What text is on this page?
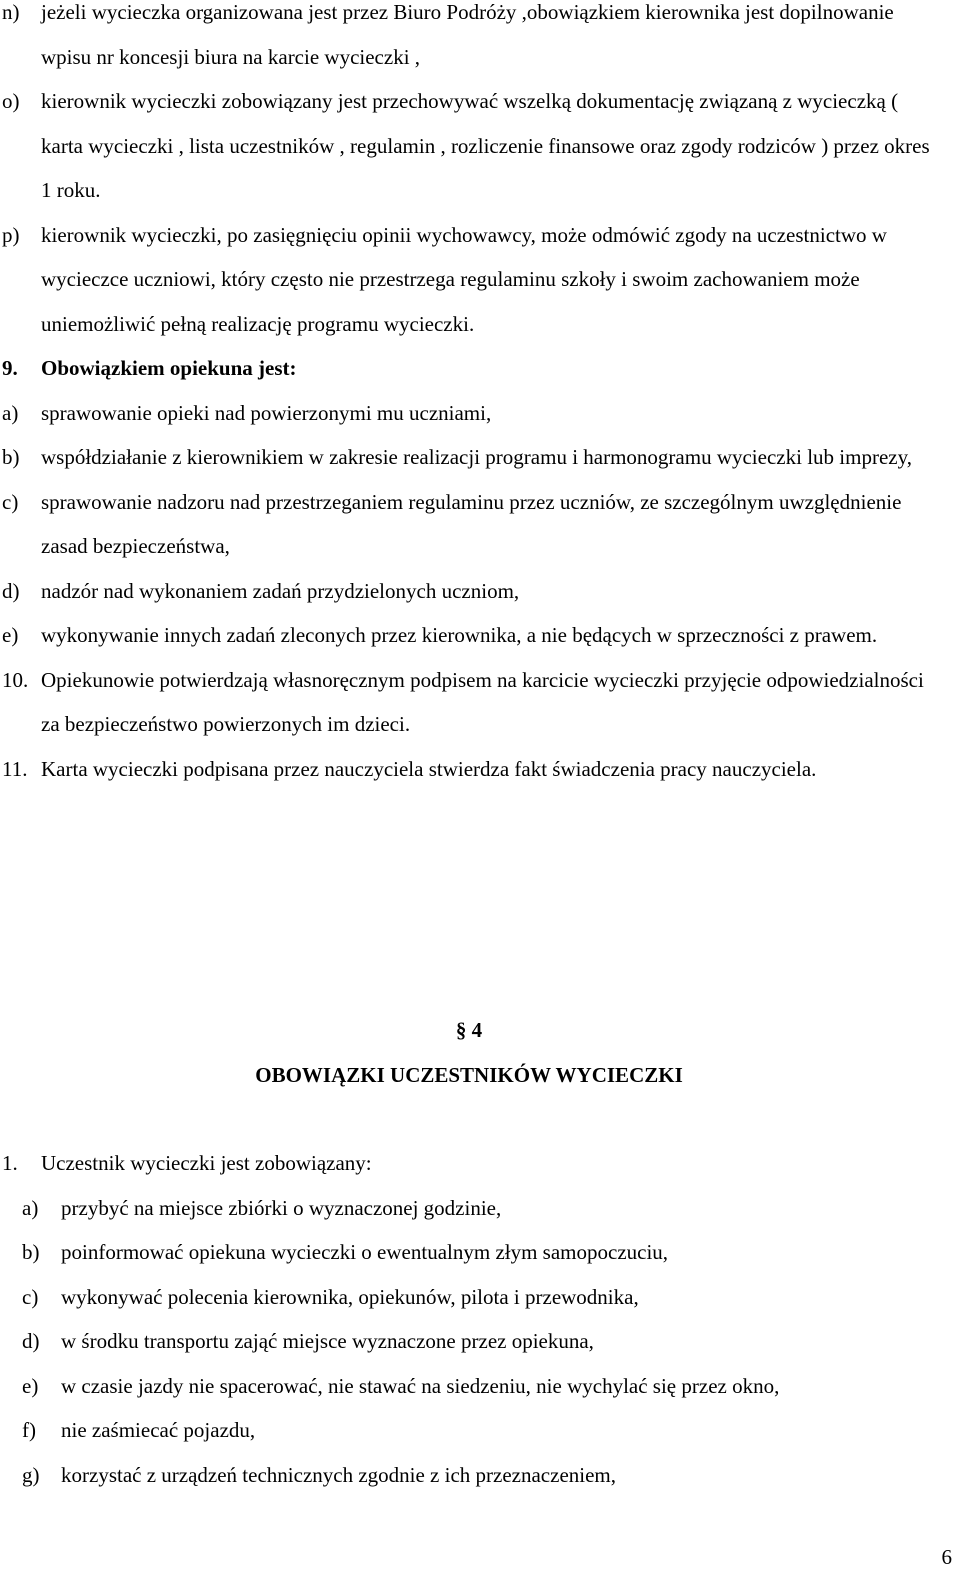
n) jeżeli wycieczka organizowana jest przez Biuro Podróży ,obowiązkiem kierownika jest dopilnowanie wpisu nr koncesji biura na karcie wycieczki ,
o) kierownik wycieczki zobowiązany jest przechowywać wszelką dokumentację związaną z wycieczką ( karta wycieczki , lista uczestników , regulamin , rozliczenie finansowe oraz zgody rodziców ) przez okres 1 roku.
p) kierownik wycieczki, po zasięgnięciu opinii wychowawcy, może odmówić zgody na uczestnictwo w wycieczce uczniowi, który często nie przestrzega regulaminu szkoły i swoim zachowaniem może uniemożliwić pełną realizację programu wycieczki.
9. Obowiązkiem opiekuna jest:
a) sprawowanie opieki nad powierzonymi mu uczniami,
b) współdziałanie z kierownikiem w zakresie realizacji programu i harmonogramu wycieczki lub imprezy,
c) sprawowanie nadzoru nad przestrzeganiem regulaminu przez uczniów, ze szczególnym uwzględnienie zasad bezpieczeństwa,
d) nadzór nad wykonaniem zadań przydzielonych uczniom,
e) wykonywanie innych zadań zleconych przez kierownika, a nie będących w sprzeczności z prawem.
10. Opiekunowie potwierdzają własnoręcznym podpisem na karcicie wycieczki przyjęcie odpowiedzialności za bezpieczeństwo powierzonych im dzieci.
11. Karta wycieczki podpisana przez nauczyciela stwierdza fakt świadczenia pracy nauczyciela.
§ 4
OBOWIĄZKI UCZESTNIKÓW WYCIECZKI
1. Uczestnik wycieczki jest zobowiązany:
a) przybyć na miejsce zbiórki o wyznaczonej godzinie,
b) poinformować opiekuna wycieczki o ewentualnym złym samopoczuciu,
c) wykonywać polecenia kierownika, opiekunów, pilota i przewodnika,
d) w środku transportu zająć miejsce wyznaczone przez opiekuna,
e) w czasie jazdy nie spacerować, nie stawać na siedzeniu, nie wychylać się przez okno,
f) nie zaśmiecać pojazdu,
g) korzystać z urządzeń technicznych zgodnie z ich przeznaczeniem,
6
